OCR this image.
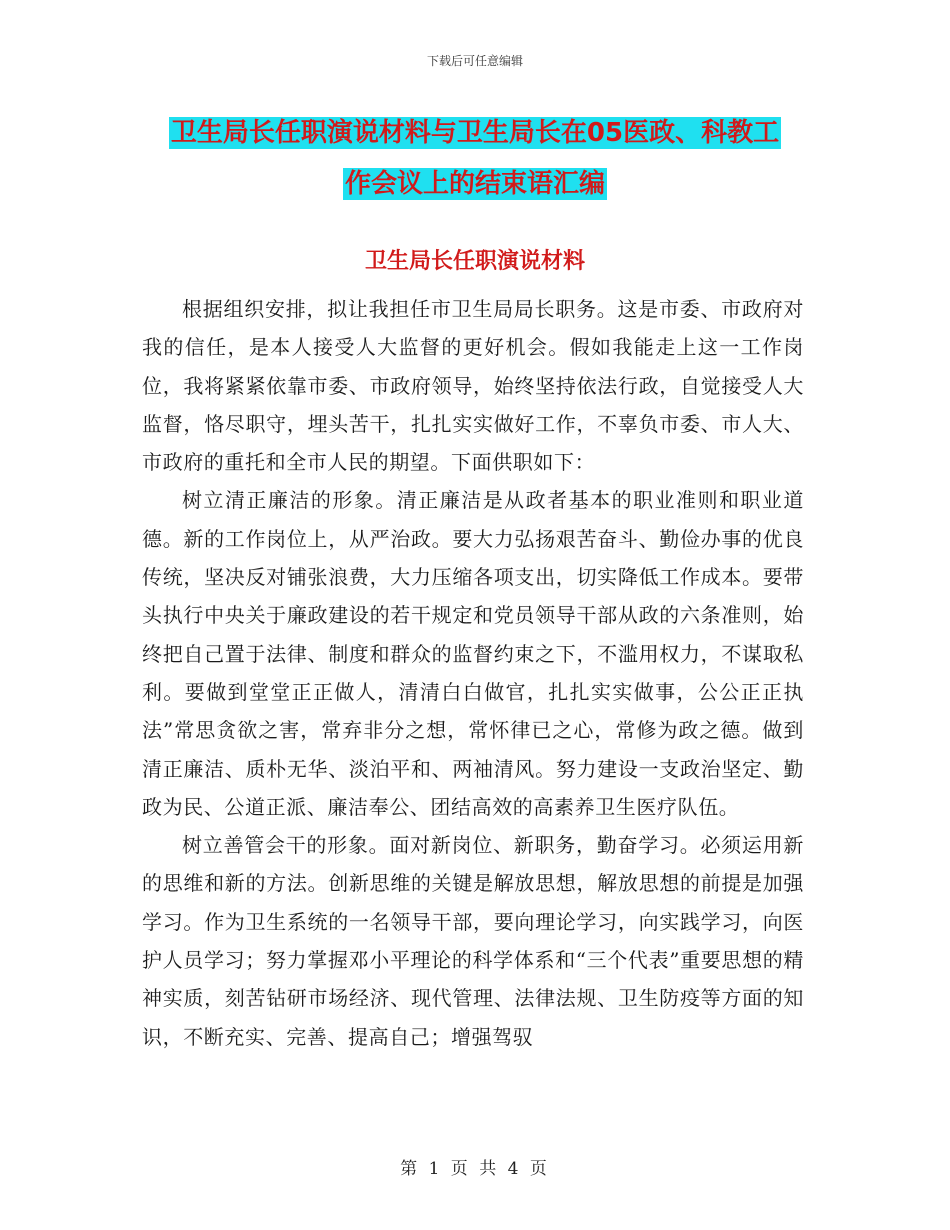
下载后可任意编辑
卫生局长任职演说材料与卫生局长在05医政、科教工
作会议上的结束语汇编
卫生局长任职演说材料

根据组织安排，拟让我担任市卫生局局长职务。这是市委、市政府对我的信任，是本人接受人大监督的更好机会。假如我能走上这一工作岗位，我将紧紧依靠市委、市政府领导，始终坚持依法行政，自觉接受人大监督，恪尽职守，埋头苦干，扎扎实实做好工作，不辜负市委、市人大、市政府的重托和全市人民的期望。下面供职如下：

树立清正廉洁的形象。清正廉洁是从政者基本的职业准则和职业道德。新的工作岗位上，从严治政。要大力弘扬艰苦奋斗、勤俭办事的优良传统，坚决反对铺张浪费，大力压缩各项支出，切实降低工作成本。要带头执行中央关于廉政建设的若干规定和党员领导干部从政的六条准则，始终把自己置于法律、制度和群众的监督约束之下，不滥用权力，不谋取私利。要做到堂堂正正做人，清清白白做官，扎扎实实做事，公公正正执法”常思贪欲之害，常弃非分之想，常怀律已之心，常修为政之德。做到清正廉洁、质朴无华、淡泊平和、两袖清风。努力建设一支政治坚定、勤政为民、公道正派、廉洁奉公、团结高效的高素养卫生医疗队伍。

树立善管会干的形象。面对新岗位、新职务，勤奋学习。必须运用新的思维和新的方法。创新思维的关键是解放思想，解放思想的前提是加强学习。作为卫生系统的一名领导干部，要向理论学习，向实践学习，向医护人员学习；努力掌握邓小平理论的科学体系和“三个代表”重要思想的精神实质，刻苦钻研市场经济、现代管理、法律法规、卫生防疫等方面的知识，不断充实、完善、提高自己；增强驾驭

第 1 页 共 4 页
